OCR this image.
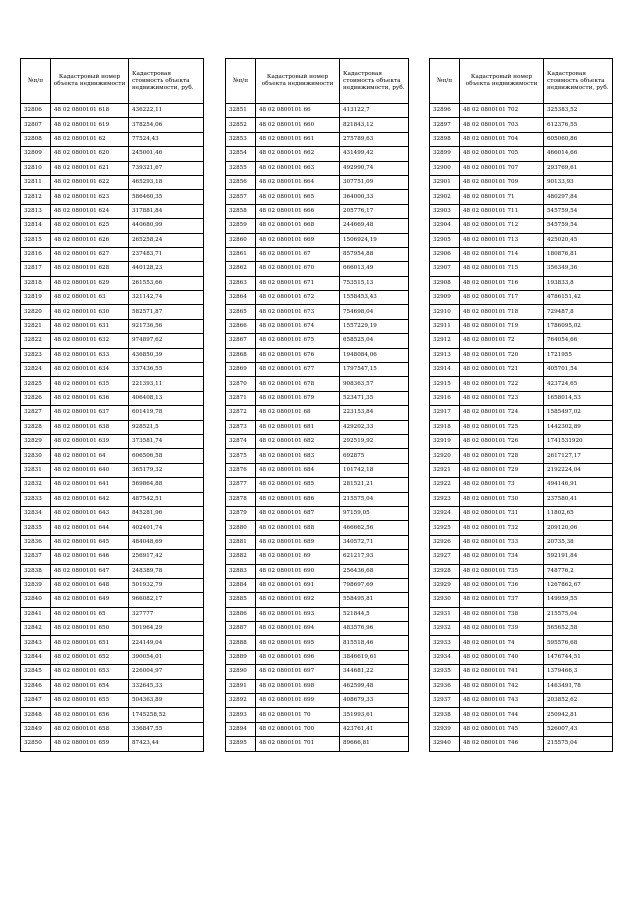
№п/п	Кадастровый номер объекта недвижимости	Кадастровая стоимость объекта недвижимости, руб.
32806	48 02 0800101 618	436222,11
32807	48 02 0800101 619	378254,06
32808	48 02 0800101 62	77524,43
32809	48 02 0800101 620	245001,46
32810	48 02 0800101 621	739321,67
32811	48 02 0800101 622	465293,18
32812	48 02 0800101 623	586460,35
32813	48 02 0800101 624	317881,84
32814	48 02 0800101 625	440680,99
32815	48 02 0800101 626	265258,24
32816	48 02 0800101 627	237483,71
32817	48 02 0800101 628	440128,23
32818	48 02 0800101 629	261553,66
32819	48 02 0800101 63	321142,74
32820	48 02 0800101 630	582571,87
32821	48 02 0800101 631	921736,56
32822	48 02 0800101 632	974897,62
32823	48 02 0800101 633	436850,39
32824	48 02 0800101 634	337436,55
32825	48 02 0800101 635	221393,11
32826	48 02 0800101 636	406408,13
32827	48 02 0800101 637	601419,78
32828	48 02 0800101 638	928521,5
32829	48 02 0800101 639	373581,74
32830	48 02 0800101 64	606506,58
32831	48 02 0800101 640	365179,32
32832	48 02 0800101 641	569864,88
32833	48 02 0800101 642	487542,51
32834	48 02 0800101 643	845281,96
32835	48 02 0800101 644	402401,74
32836	48 02 0800101 645	484048,69
32837	48 02 0800101 646	256917,42
32838	48 02 0800101 647	248389,78
32839	48 02 0800101 648	501932,79
32840	48 02 0800101 649	966082,17
32841	48 02 0800101 65	327777
32842	48 02 0800101 650	501964,29
32843	48 02 0800101 651	224149,04
32844	48 02 0800101 652	390054,01
32845	48 02 0800101 653	226004,97
32846	48 02 0800101 654	332645,33
32847	48 02 0800101 655	504363,89
32848	48 02 0800101 656	1745258,52
32849	48 02 0800101 658	336847,55
32850	48 02 0800101 659	87423,44
№п/п	Кадастровый номер объекта недвижимости	Кадастровая стоимость объекта недвижимости, руб.
32851	48 02 0800101 66	413122,7
32852	48 02 0800101 660	821843,12
32853	48 02 0800101 661	275789,63
32854	48 02 0800101 662	431499,42
32855	48 02 0800101 663	492990,74
32856	48 02 0800101 664	307751,09
32857	48 02 0800101 665	364000,33
32858	48 02 0800101 666	205776,17
32859	48 02 0800101 668	244669,48
32860	48 02 0800101 669	1506924,19
32861	48 02 0800101 67	857954,88
32862	48 02 0800101 670	666013,49
32863	48 02 0800101 671	753515,13
32864	48 02 0800101 672	1558453,43
32865	48 02 0800101 673	754698,04
32866	48 02 0800101 674	1557229,19
32867	48 02 0800101 675	658525,04
32868	48 02 0800101 676	1948084,06
32869	48 02 0800101 677	1797547,15
32870	48 02 0800101 678	908363,57
32871	48 02 0800101 679	523471,35
32872	48 02 0800101 68	223153,84
32873	48 02 0800101 681	429202,33
32874	48 02 0800101 682	292519,92
32875	48 02 0800101 683	692875
32876	48 02 0800101 684	101742,18
32877	48 02 0800101 685	281521,21
32878	48 02 0800101 686	215575,04
32879	48 02 0800101 687	97159,05
32880	48 02 0800101 688	466662,56
32881	48 02 0800101 689	340572,71
32882	48 02 0800101 69	621217,93
32883	48 02 0800101 690	256436,68
32884	48 02 0800101 691	798697,69
32885	48 02 0800101 692	558495,81
32886	48 02 0800101 693	521844,5
32887	48 02 0800101 694	483576,96
32888	48 02 0800101 695	815518,46
32889	48 02 0800101 696	3846619,61
32890	48 02 0800101 697	344681,22
32891	48 02 0800101 698	462599,48
32892	48 02 0800101 699	408679,33
32893	48 02 0800101 70	351993,61
32894	48 02 0800101 700	423761,41
32895	48 02 0800101 701	89666,81
№п/п	Кадастровый номер объекта недвижимости	Кадастровая стоимость объекта недвижимости, руб.
32896	48 02 0800101 702	325383,52
32897	48 02 0800101 703	612376,55
32898	48 02 0800101 704	605060,86
32899	48 02 0800101 705	466014,66
32900	48 02 0800101 707	293769,61
32901	48 02 0800101 709	90133,93
32902	48 02 0800101 71	480297,84
32903	48 02 0800101 711	545759,54
32904	48 02 0800101 712	545759,54
32905	48 02 0800101 713	425020,45
32906	48 02 0800101 714	180876,81
32907	48 02 0800101 715	356349,36
32908	48 02 0800101 716	193833,8
32909	48 02 0800101 717	4786151,42
32910	48 02 0800101 718	729487,8
32911	48 02 0800101 719	1786095,02
32912	48 02 0800101 72	764054,66
32913	48 02 0800101 720	1721955
32914	48 02 0800101 721	405701,54
32915	48 02 0800101 722	423724,65
32916	48 02 0800101 723	1658014,53
32917	48 02 0800101 724	1585497,02
32918	48 02 0800101 725	1442302,89
32919	48 02 0800101 726	1741531920
32920	48 02 0800101 728	2617127,17
32921	48 02 0800101 729	2192224,04
32922	48 02 0800101 73	494146,91
32923	48 02 0800101 730	237580,41
32924	48 02 0800101 731	11802,65
32925	48 02 0800101 732	209120,06
32926	48 02 0800101 733	20735,38
32927	48 02 0800101 734	592191,84
32928	48 02 0800101 735	748776,2
32929	48 02 0800101 736	1267862,67
32930	48 02 0800101 737	149959,55
32931	48 02 0800101 738	215575,04
32932	48 02 0800101 739	565652,58
32933	48 02 0800101 74	595576,68
32934	48 02 0800101 740	1476744,51
32935	48 02 0800101 741	1379466,3
32936	48 02 0800101 742	1463491,78
32937	48 02 0800101 743	203852,62
32938	48 02 0800101 744	250942,81
32939	48 02 0800101 745	526007,43
32940	48 02 0800101 746	215575,04
